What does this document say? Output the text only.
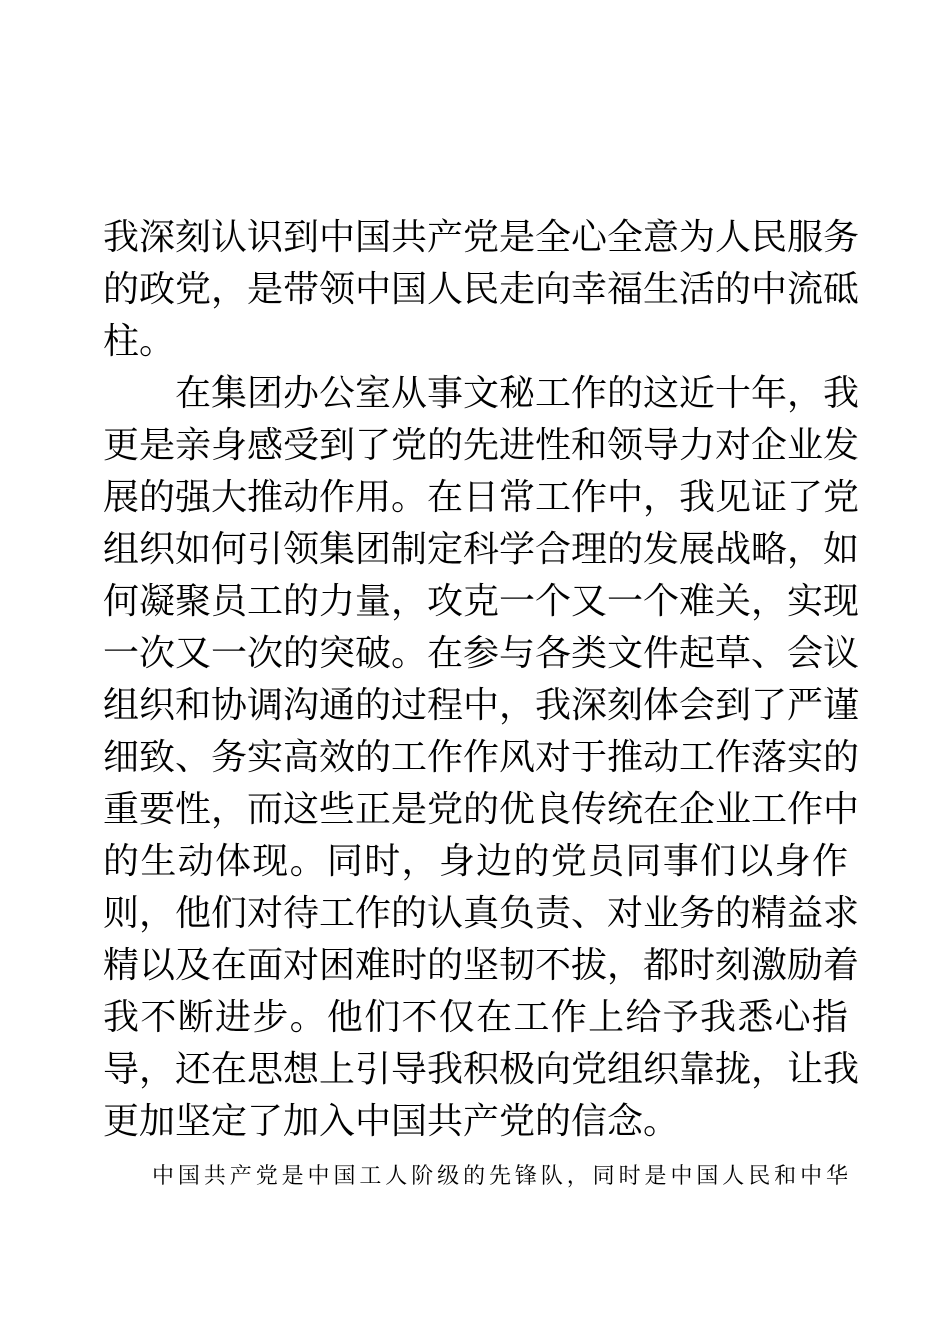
我深刻认识到中国共产党是全心全意为人民服务
的政党，是带领中国人民走向幸福生活的中流砥
柱。
在集团办公室从事文秘工作的这近十年，我
更是亲身感受到了党的先进性和领导力对企业发
展的强大推动作用。在日常工作中，我见证了党
组织如何引领集团制定科学合理的发展战略，如
何凝聚员工的力量，攻克一个又一个难关，实现
一次又一次的突破。在参与各类文件起草、会议
组织和协调沟通的过程中，我深刻体会到了严谨
细致、务实高效的工作作风对于推动工作落实的
重要性，而这些正是党的优良传统在企业工作中
的生动体现。同时，身边的党员同事们以身作
则，他们对待工作的认真负责、对业务的精益求
精以及在面对困难时的坚韧不拔，都时刻激励着
我不断进步。他们不仅在工作上给予我悉心指
导，还在思想上引导我积极向党组织靠拢，让我
更加坚定了加入中国共产党的信念。
中国共产党是中国工人阶级的先锋队，同时是中国人民和中华
